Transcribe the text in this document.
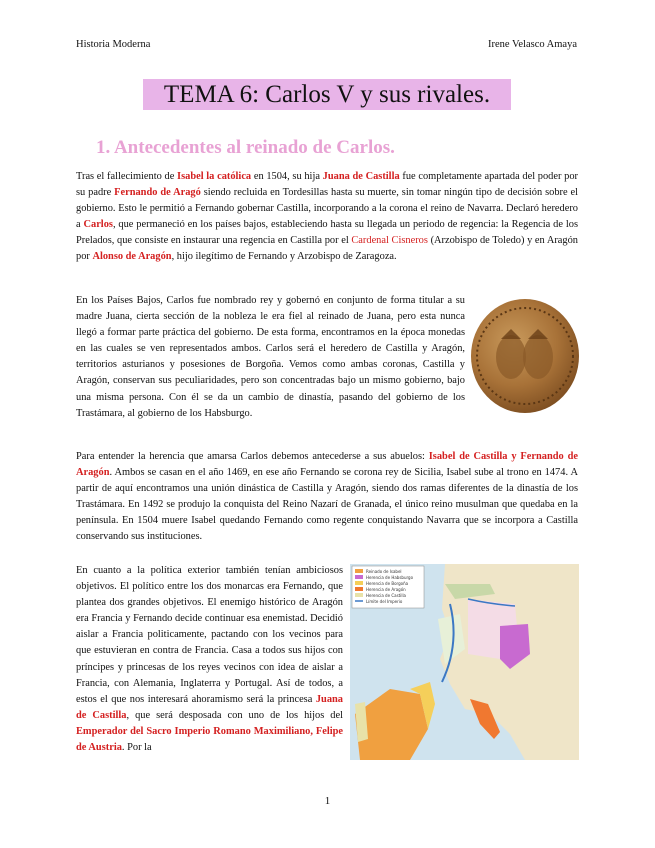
Historia Moderna	Irene Velasco Amaya
TEMA 6: Carlos V y sus rivales.
1. Antecedentes al reinado de Carlos.
Tras el fallecimiento de Isabel la católica en 1504, su hija Juana de Castilla fue completamente apartada del poder por su padre Fernando de Aragó siendo recluida en Tordesillas hasta su muerte, sin tomar ningún tipo de decisión sobre el gobierno. Esto le permitió a Fernando gobernar Castilla, incorporando a la corona el reino de Navarra. Declaró heredero a Carlos, que permaneció en los países bajos, estableciendo hasta su llegada un periodo de regencia: la Regencia de los Prelados, que consiste en instaurar una regencia en Castilla por el Cardenal Cisneros (Arzobispo de Toledo) y en Aragón por Alonso de Aragón, hijo ilegítimo de Fernando y Arzobispo de Zaragoza.
En los Países Bajos, Carlos fue nombrado rey y gobernó en conjunto de forma titular a su madre Juana, cierta sección de la nobleza le era fiel al reinado de Juana, pero esta nunca llegó a formar parte práctica del gobierno. De esta forma, encontramos en la época monedas en las cuales se ven representados ambos. Carlos será el heredero de Castilla y Aragón, territorios asturianos y posesiones de Borgoña. Vemos como ambas coronas, Castilla y Aragón, conservan sus peculiaridades, pero son concentradas bajo un mismo gobierno, bajo una misma persona. Con él se da un cambio de dinastía, pasando del gobierno de los Trastámara, al gobierno de los Habsburgo.
Para entender la herencia que amarsa Carlos debemos antecederse a sus abuelos: Isabel de Castilla y Fernando de Aragón. Ambos se casan en el año 1469, en ese año Fernando se corona rey de Sicilia, Isabel sube al trono en 1474. A partir de aquí encontramos una unión dinástica de Castilla y Aragón, siendo dos ramas diferentes de la dinastía de los Trastámara. En 1492 se produjo la conquista del Reino Nazarí de Granada, el único reino musulman que quedaba en la península. En 1504 muere Isabel quedando Fernando como regente conquistando Navarra que se incorpora a Castilla conservando sus instituciones.
En cuanto a la política exterior también tenían ambiciosos objetivos. El político entre los dos monarcas era Fernando, que plantea dos grandes objetivos. El enemigo histórico de Aragón era Francia y Fernando decide continuar esa enemistad. Decidió aislar a Francia politicamente, pactando con los vecinos para que estuvieran en contra de Francia. Casa a todos sus hijos con príncipes y princesas de los reyes vecinos con idea de aislar a Francia, con Alemania, Inglaterra y Portugal. Así de todos, a estos el que nos interesará ahoramismo será la princesa Juana de Castilla, que será desposada con uno de los hijos del Emperador del Sacro Imperio Romano Maximiliano, Felipe de Austria. Por la
Reinado de Isabel
Herencia de Habsburgo
Herencia de Borgoña
Herencia de Aragón
Herencia de Castilla
Límite del Imperio
1
